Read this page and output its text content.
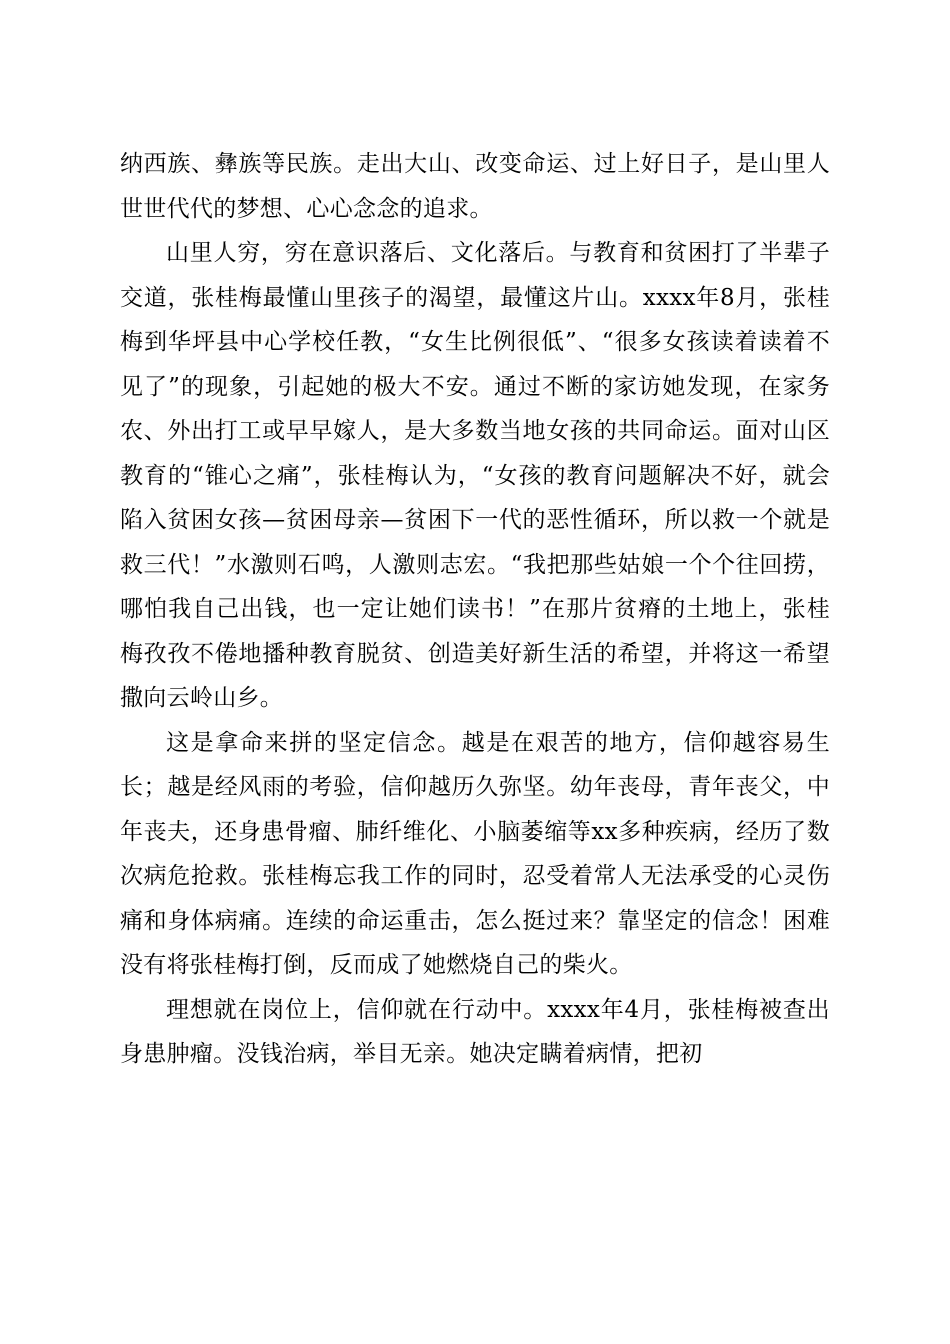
纳西族、彝族等民族。走出大山、改变命运、过上好日子，是山里人世世代代的梦想、心心念念的追求。

山里人穷，穷在意识落后、文化落后。与教育和贫困打了半辈子交道，张桂梅最懂山里孩子的渴望，最懂这片山。xxxx年8月，张桂梅到华坪县中心学校任教，“女生比例很低”、“很多女孩读着读着不见了”的现象，引起她的极大不安。通过不断的家访她发现，在家务农、外出打工或早早嫁人，是大多数当地女孩的共同命运。面对山区教育的“锥心之痛”，张桂梅认为，“女孩的教育问题解决不好，就会陷入贫困女孩—贫困母亲—贫困下一代的恶性循环，所以救一个就是救三代！”水激则石鸣，人激则志宏。“我把那些姑娘一个个往回捞，哪怕我自己出钱，也一定让她们读书！”在那片贫瘠的土地上，张桂梅孜孜不倦地播种教育脱贫、创造美好新生活的希望，并将这一希望撒向云岭山乡。

这是拿命来拼的坚定信念。越是在艰苦的地方，信仰越容易生长；越是经风雨的考验，信仰越历久弥坚。幼年丧母，青年丧父，中年丧夫，还身患骨瘤、肺纤维化、小脑萎缩等xx多种疾病，经历了数次病危抢救。张桂梅忘我工作的同时，忍受着常人无法承受的心灵伤痛和身体病痛。连续的命运重击，怎么挺过来？靠坚定的信念！困难没有将张桂梅打倒，反而成了她燃烧自己的柴火。

理想就在岗位上，信仰就在行动中。xxxx年4月，张桂梅被查出身患肿瘤。没钱治病，举目无亲。她决定瞒着病情，把初
